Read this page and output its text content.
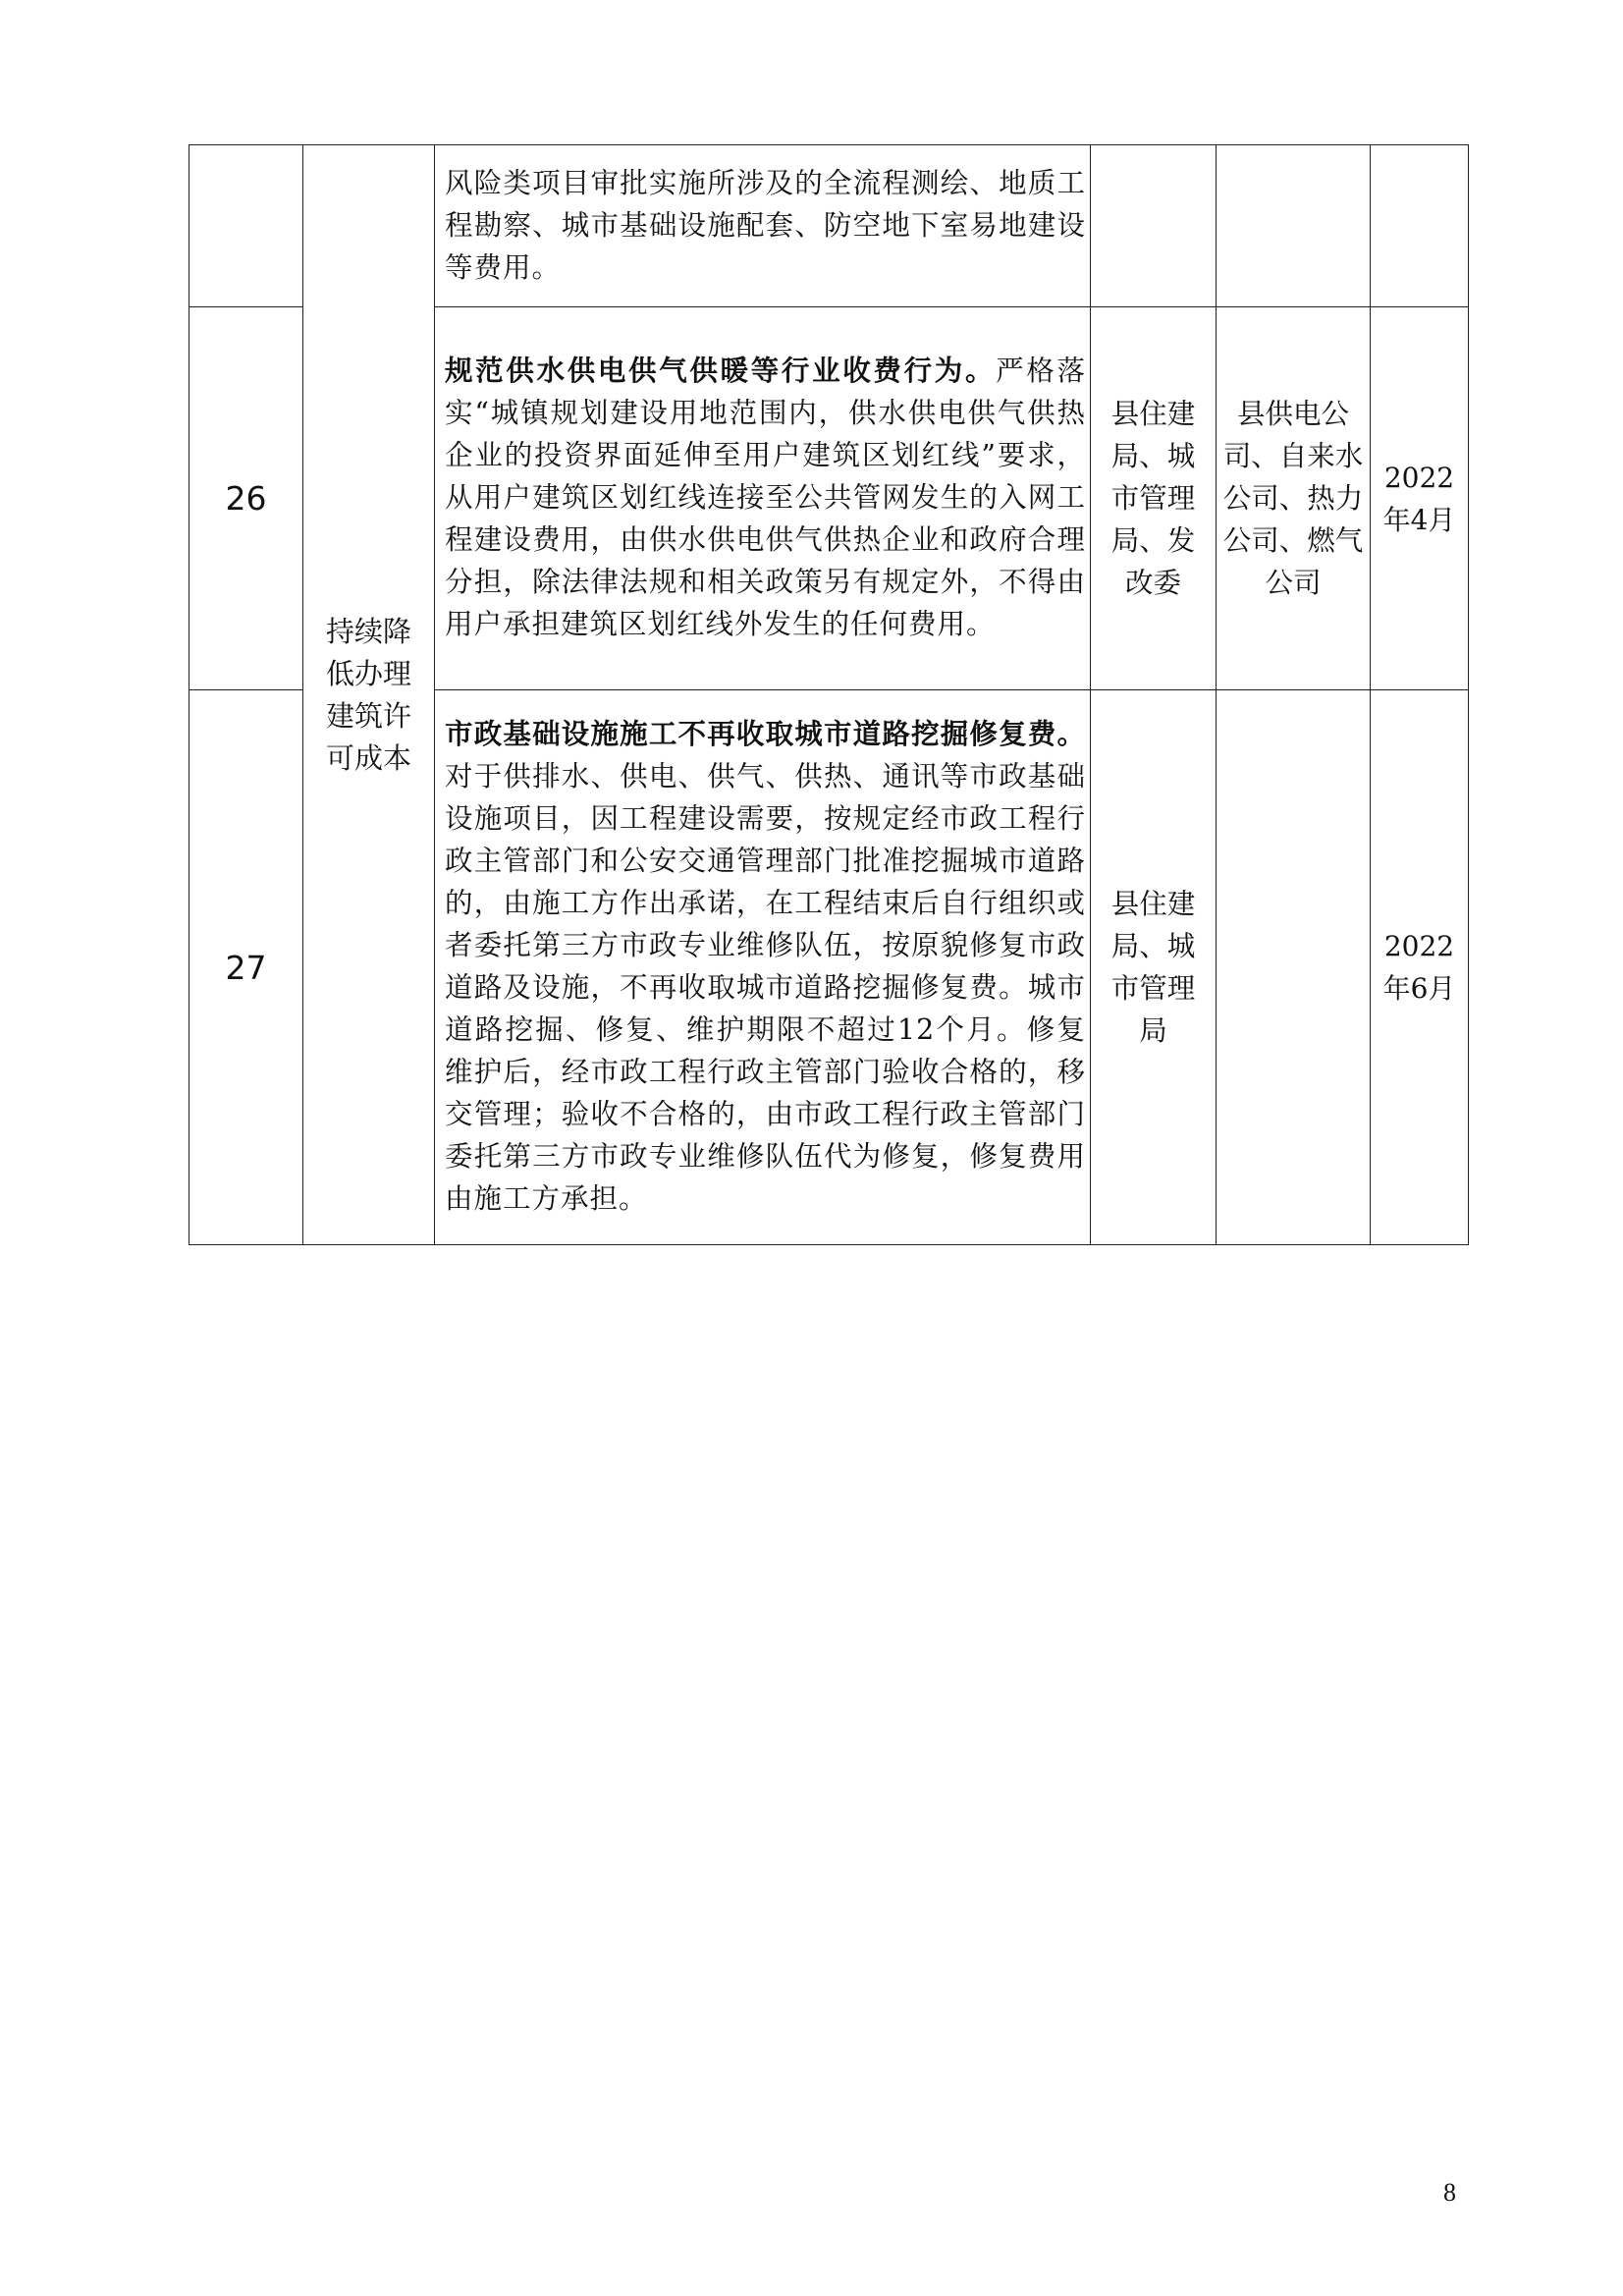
	持续降低办理建筑许可成本	风险类项目审批实施所涉及的全流程测绘、地质工程勘察、城市基础设施配套、防空地下室易地建设等费用。			
26		规范供水供电供气供暖等行业收费行为。严格落实“城镇规划建设用地范围内，供水供电供气供热企业的投资界面延伸至用户建筑区划红线”要求，从用户建筑区划红线连接至公共管网发生的入网工程建设费用，由供水供电供气供热企业和政府合理分担，除法律法规和相关政策另有规定外，不得由用户承担建筑区划红线外发生的任何费用。	县住建局、城市管理局、发改委	县供电公司、自来水公司、热力公司、燃气公司	2022年4月
27		市政基础设施施工不再收取城市道路挖掘修复费。对于供排水、供电、供气、供热、通讯等市政基础设施项目，因工程建设需要，按规定经市政工程行政主管部门和公安交通管理部门批准挖掘城市道路的，由施工方作出承诺，在工程结束后自行组织或者委托第三方市政专业维修队伍，按原貌修复市政道路及设施，不再收取城市道路挖掘修复费。城市道路挖掘、修复、维护期限不超过12个月。修复维护后，经市政工程行政主管部门验收合格的，移交管理；验收不合格的，由市政工程行政主管部门委托第三方市政专业维修队伍代为修复，修复费用由施工方承担。	县住建局、城市管理局		2022年6月
8
